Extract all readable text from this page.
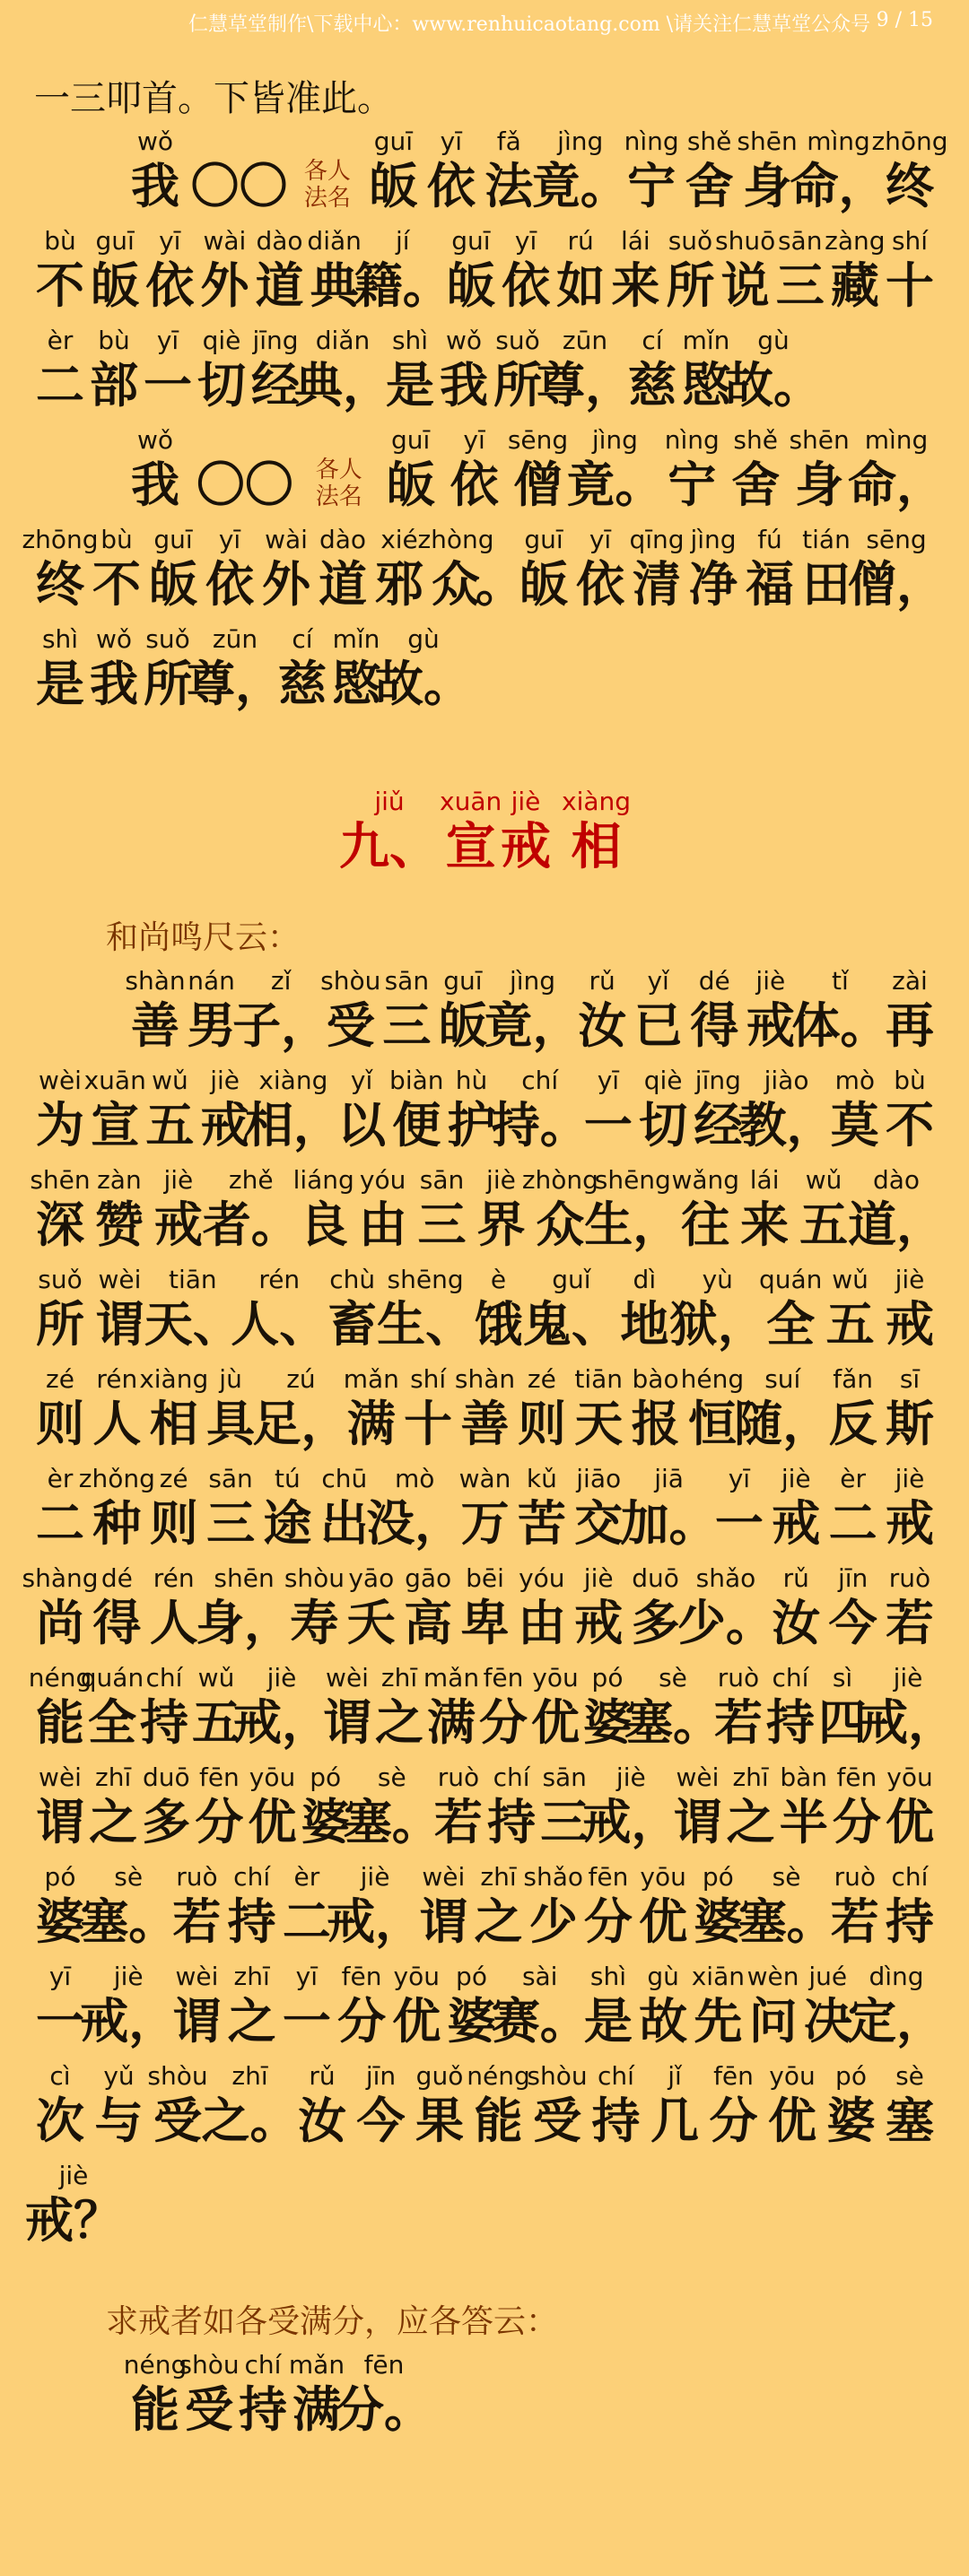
仁慧草堂制作\下载中心：www.renhuicaotang.com \请关注仁慧草堂公众号 9 / 15
一三叩首。下皆准此。
wǒ
我
〇〇 各人
法名
guī
皈
yī
依
fǎ
法
jìng
竟。
nìng
宁
shě
舍
shēn
身
mìng
命，
zhōng
终
bù
不
guī
皈
yī
依
wài
外
dào
道
diǎn
典
jí
籍。
guī
皈
yī
依
rú
如
lái
来
suǒ
所
shuō
说
sān
三
zàng
藏
shí
十
èr
二
bù
部
yī
一
qiè
切
jīng
经
diǎn
典，
shì
是
wǒ
我
suǒ
所
zūn
尊，
cí
慈
mǐn
愍
gù
故。
wǒ
我
〇〇 各人
法名
guī
皈
yī
依
sēng
僧
jìng
竟。
nìng
宁
shě
舍
shēn
身
mìng
命，
zhōng
终
bù
不
guī
皈
yī
依
wài
外
dào
道
xié
邪
zhòng
众

。
guī
皈
yī
依
qīng
清
jìng
净
fú
福
tián
田
sēng
僧，
shì
是
wǒ
我
suǒ
所
zūn
尊，
cí
慈
mǐn
愍
gù
故。
jiǔ
九、
xuān
宣
jiè
戒
xiàng
相
和尚鸣尺云：
shàn
善
nán
男
zǐ
子，
shòu
受
sān
三
guī
皈
jìng
竟，
rǔ
汝
yǐ
已
dé
得
jiè
戒
tǐ
体。
zài
再
wèi
为
xuān
宣
wǔ
五
jiè
戒
xiàng
相，
yǐ
以
biàn
便
hù
护
chí
持。
yī
一
qiè
切
jīng
经
jiào
教，
mò
莫
bù
不
shēn
深
zàn
赞
jiè
戒
zhě
者。
liáng
良
yóu
由
sān
三
jiè
界
zhòng
众
shēng
生，
wǎng
往
lái
来
wǔ
五
dào
道，
suǒ
所
wèi
谓
tiān
天、
rén
人、
chù
畜
shēng
生、
è
饿
guǐ
鬼、
dì
地
yù
狱，
quán
全
wǔ
五
jiè
戒
zé
则
rén
人
xiàng
相
jù
具
zú
足，
mǎn
满
shí
十
shàn
善
zé
则
tiān
天
bào
报
héng
恒
suí
随，
fǎn
反
sī
斯
èr
二
zhǒng
种
zé
则
sān
三
tú
途
chū
出
mò
没，
wàn
万
kǔ
苦
jiāo
交
jiā
加。
yī
一
jiè
戒
èr
二
jiè
戒
shàng
尚
dé
得
rén
人
shēn
身，
shòu
寿
yāo
夭
gāo
高
bēi
卑
yóu
由
jiè
戒
duō
多
shǎo
少。
rǔ
汝
jīn
今
ruò
若
néng
能
quán
全
chí
持
wǔ
五
jiè
戒，
wèi
谓
zhī
之
mǎn
满
fēn
分
yōu
优
pó
婆
sè
塞。
ruò
若
chí
持
sì
四
jiè
戒，
wèi
谓
zhī
之
duō
多
fēn
分
yōu
优
pó
婆
sè
塞。
ruò
若
chí
持
sān
三
jiè
戒，
wèi
谓
zhī
之
bàn
半
fēn
分
yōu
优
pó
婆
sè
塞。
ruò
若
chí
持
èr
二
jiè
戒，
wèi
谓
zhī
之
shǎo
少
fēn
分
yōu
优
pó
婆
sè
塞。
ruò
若
chí
持
yī
一
jiè
戒，
wèi
谓
zhī
之
yī
一
fēn
分
yōu
优
pó
婆
sài
赛。
shì
是
gù
故
xiān
先
wèn
问
jué
决
dìng
定，
cì
次
yǔ
与
shòu
受
zhī
之。
rǔ
汝
jīn
今
guǒ
果
néng
能
shòu
受
chí
持
jǐ
几
fēn
分
yōu
优
pó
婆
sè
塞
jiè
戒？
求戒者如各受满分，应各答云：
néng
能
shòu
受
chí
持
mǎn
满
fēn
分。
